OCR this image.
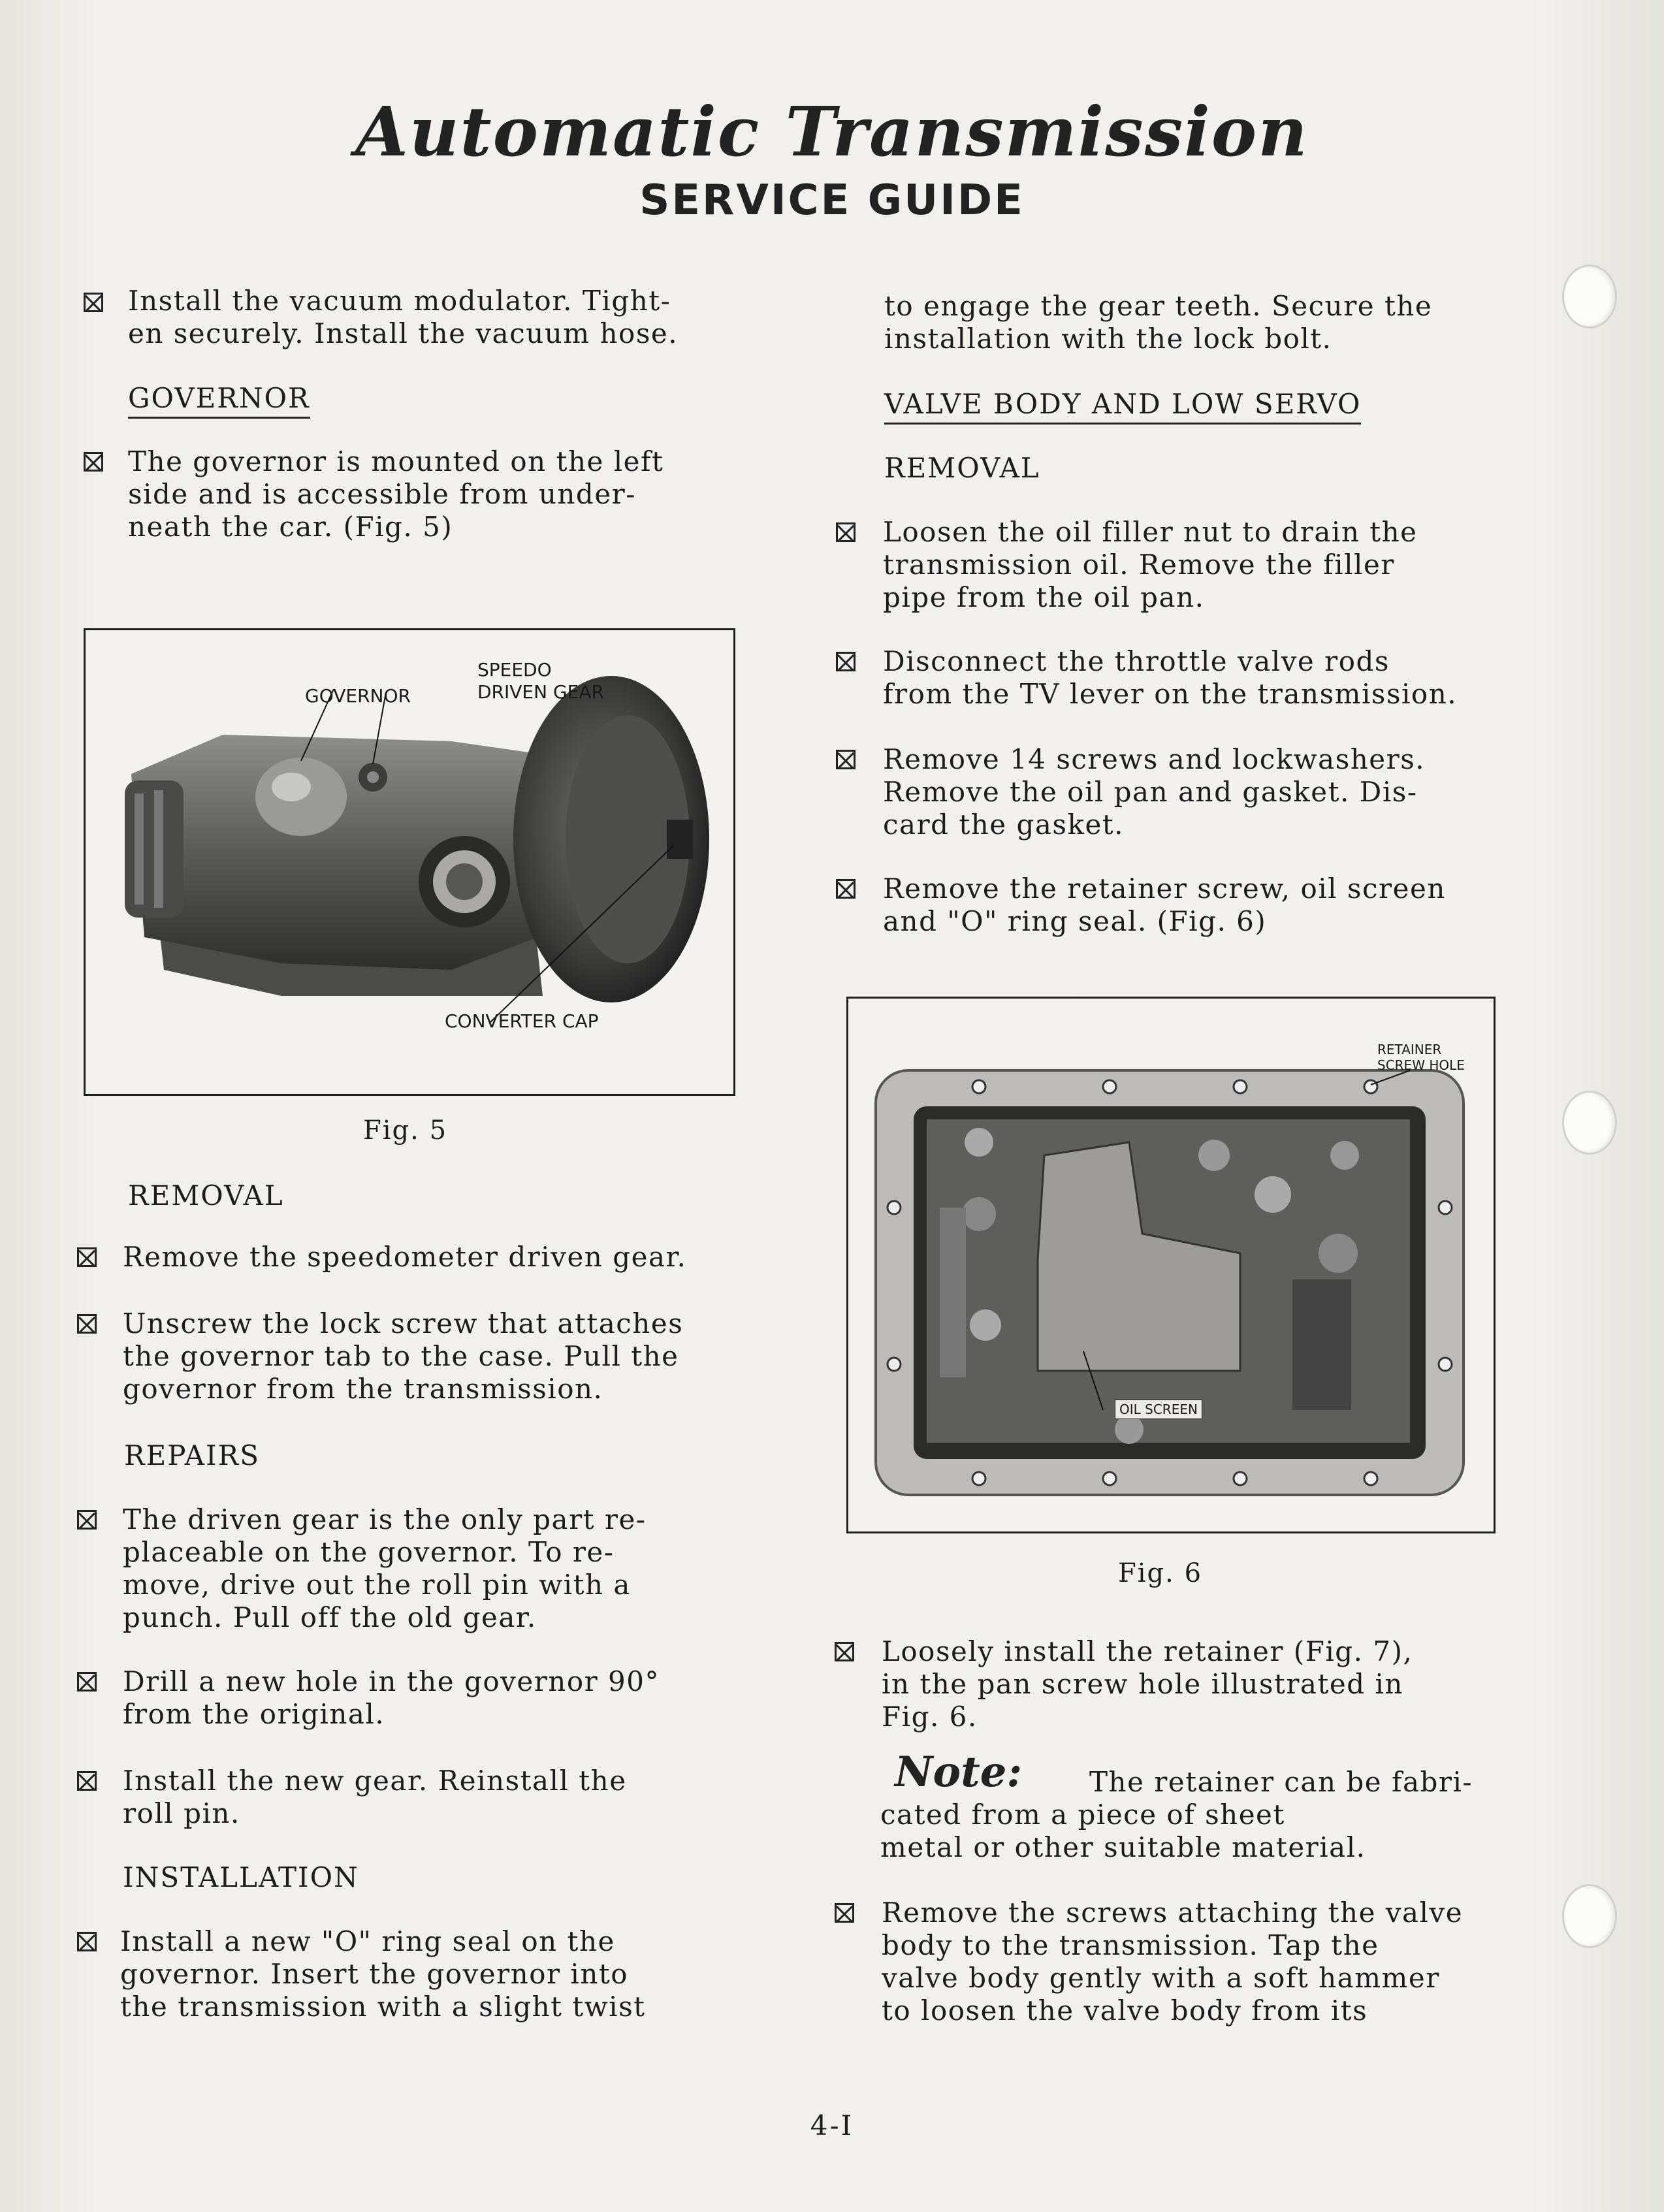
Automatic Transmission
SERVICE GUIDE
Install the vacuum modulator. Tight-
en securely. Install the vacuum hose.
GOVERNOR
The governor is mounted on the left
side and is accessible from under-
neath the car. (Fig. 5)
SPEEDO
DRIVEN GEAR
GOVERNOR
CONVERTER CAP
Fig. 5
REMOVAL
Remove the speedometer driven gear.
Unscrew the lock screw that attaches
the governor tab to the case. Pull the
governor from the transmission.
REPAIRS
The driven gear is the only part re-
placeable on the governor. To re-
move, drive out the roll pin with a
punch. Pull off the old gear.
Drill a new hole in the governor 90°
from the original.
Install the new gear. Reinstall the
roll pin.
INSTALLATION
Install a new "O" ring seal on the
governor. Insert the governor into
the transmission with a slight twist
to engage the gear teeth. Secure the
installation with the lock bolt.
VALVE BODY AND LOW SERVO
REMOVAL
Loosen the oil filler nut to drain the
transmission oil. Remove the filler
pipe from the oil pan.
Disconnect the throttle valve rods
from the TV lever on the transmission.
Remove 14 screws and lockwashers.
Remove the oil pan and gasket. Dis-
card the gasket.
Remove the retainer screw, oil screen
and "O" ring seal. (Fig. 6)
RETAINER
SCREW HOLE
OIL SCREEN
Fig. 6
Loosely install the retainer (Fig. 7),
in the pan screw hole illustrated in
Fig. 6.
Note:	The retainer can be fabri-
cated from a piece of sheet
metal or other suitable material.
Remove the screws attaching the valve
body to the transmission. Tap the
valve body gently with a soft hammer
to loosen the valve body from its
4-I
